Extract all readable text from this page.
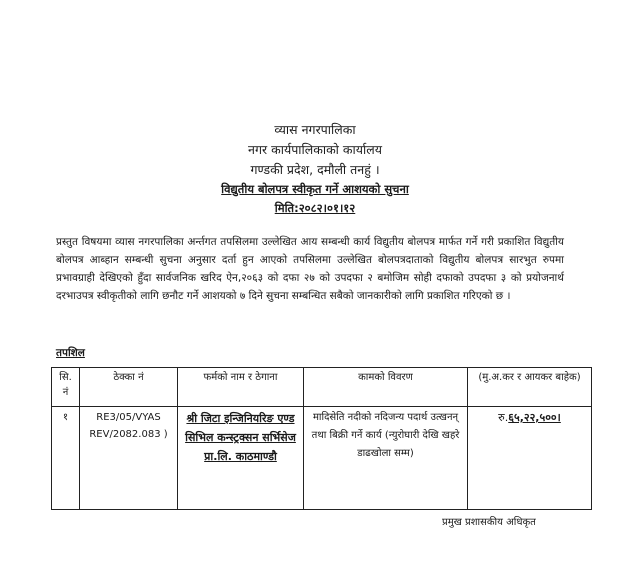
व्यास नगरपालिका
नगर कार्यपालिकाको कार्यालय
गण्डकी प्रदेश, दमौली तनहुं ।
विद्युतीय बोलपत्र स्वीकृत गर्ने आशयको सुचना
मिति:२०८२।०१।१२
प्रस्तुत विषयमा व्यास नगरपालिका अर्न्तगत तपसिलमा उल्लेखित आय सम्बन्धी कार्य विद्युतीय बोलपत्र मार्फत गर्ने गरी प्रकाशित विद्युतीय बोलपत्र आब्हान सम्बन्धी सुचना अनुसार दर्ता हुन आएको तपसिलमा उल्लेखित बोलपत्रदाताको विद्युतीय बोलपत्र सारभुत रुपमा प्रभावग्राही देखिएको हुँदा सार्वजनिक खरिद ऐन,२०६३ को दफा २७ को उपदफा २ बमोजिम सोही दफाको उपदफा ३ को प्रयोजनार्थ दरभाउपत्र स्वीकृतीको लागि छनौट गर्ने आशयको ७ दिने सुचना सम्बन्धित सबैको जानकारीको लागि प्रकाशित गरिएको छ ।
तपशिल
सि. नं	ठेक्का नं	फर्मको नाम र ठेगाना	कामको विवरण	(मु.अ.कर र आयकर बाहेक)
१	RE3/05/VYAS REV/2082.083 )	श्री जिटा इन्जिनियरिङ एण्ड सिभिल कन्स्ट्रक्सन सर्भिसेज प्रा.लि. काठमाण्डौ	मादिसेति नदीको नदिजन्य पदार्थ उत्खनन् तथा बिक्री गर्ने कार्य (न्युरोघारी देखि खहरे डाढखोला सम्म)	रु.६५,२२,५००।
प्रमुख प्रशासकीय अधिकृत
